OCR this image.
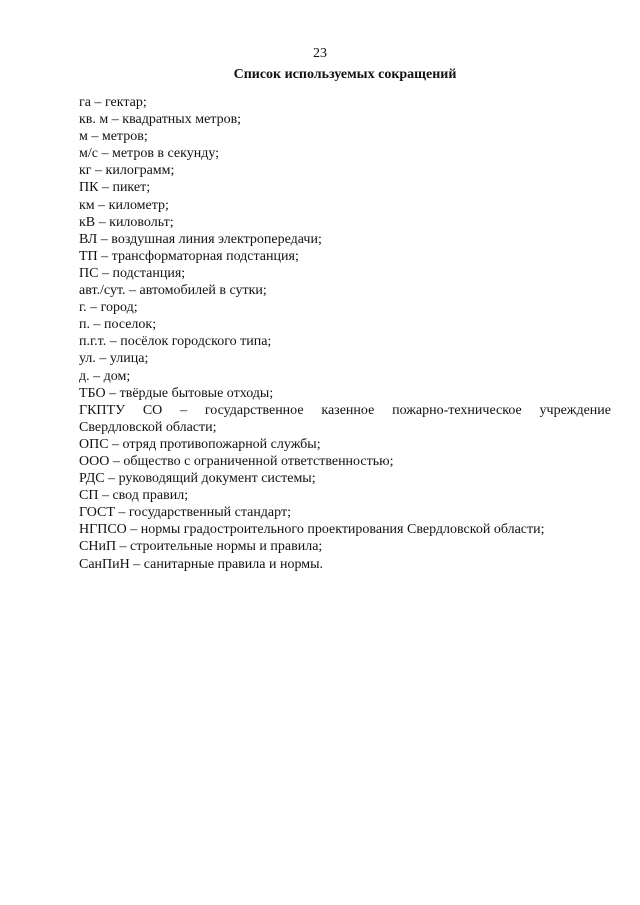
23
Список используемых сокращений
га – гектар;
кв. м – квадратных метров;
м – метров;
м/с – метров в секунду;
кг – килограмм;
ПК – пикет;
км – километр;
кВ – киловольт;
ВЛ – воздушная линия электропередачи;
ТП – трансформаторная подстанция;
ПС – подстанция;
авт./сут. – автомобилей в сутки;
г. – город;
п. – поселок;
п.г.т. – посёлок городского типа;
ул. – улица;
д. – дом;
ТБО – твёрдые бытовые отходы;
ГКПТУ СО – государственное казенное пожарно-техническое учреждение Свердловской области;
ОПС – отряд противопожарной службы;
ООО – общество с ограниченной ответственностью;
РДС – руководящий документ системы;
СП – свод правил;
ГОСТ – государственный стандарт;
НГПСО – нормы градостроительного проектирования Свердловской области;
СНиП – строительные нормы и правила;
СанПиН – санитарные правила и нормы.
